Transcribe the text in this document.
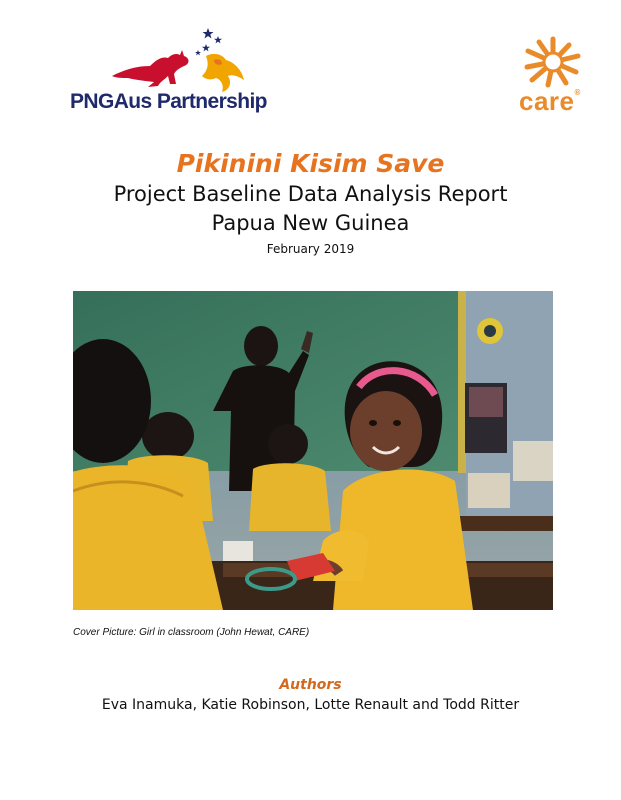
PNGAus Partnership	care®
Pikinini Kisim Save
Project Baseline Data Analysis Report
Papua New Guinea
February 2019
Cover Picture: Girl in classroom (John Hewat, CARE)
Authors
Eva Inamuka, Katie Robinson, Lotte Renault and Todd Ritter
